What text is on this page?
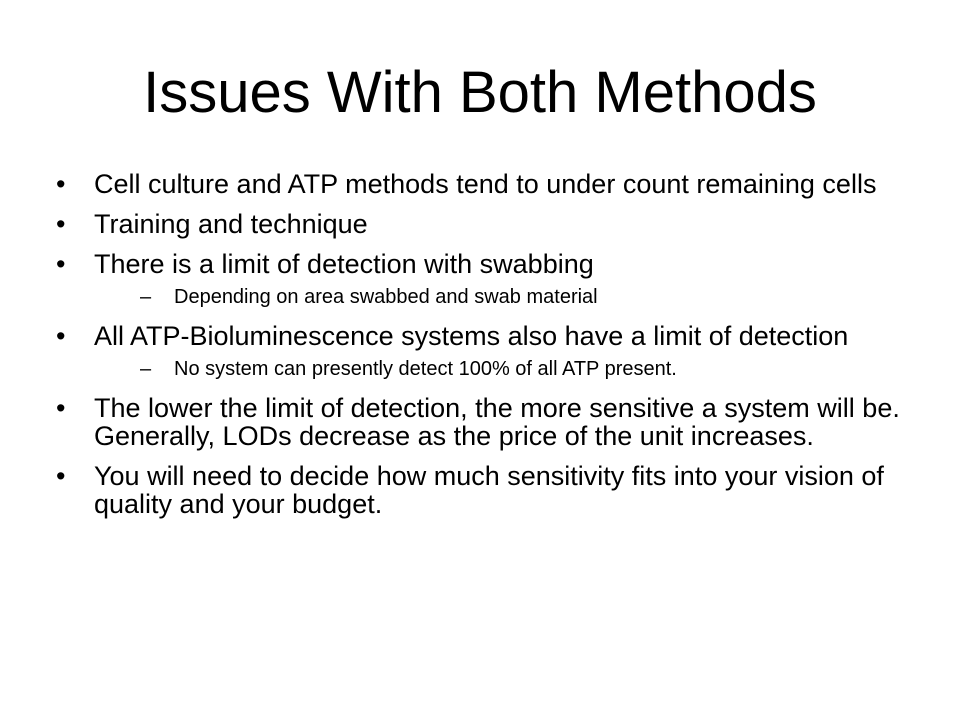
Issues With Both Methods
• Cell culture and ATP methods tend to under count remaining cells
• Training and technique
• There is a limit of detection with swabbing
– Depending on area swabbed and swab material
• All ATP-Bioluminescence systems also have a limit of detection
– No system can presently detect 100% of all ATP present.
• The lower the limit of detection, the more sensitive a system will be. Generally, LODs decrease as the price of the unit increases.
• You will need to decide how much sensitivity fits into your vision of quality and your budget.
